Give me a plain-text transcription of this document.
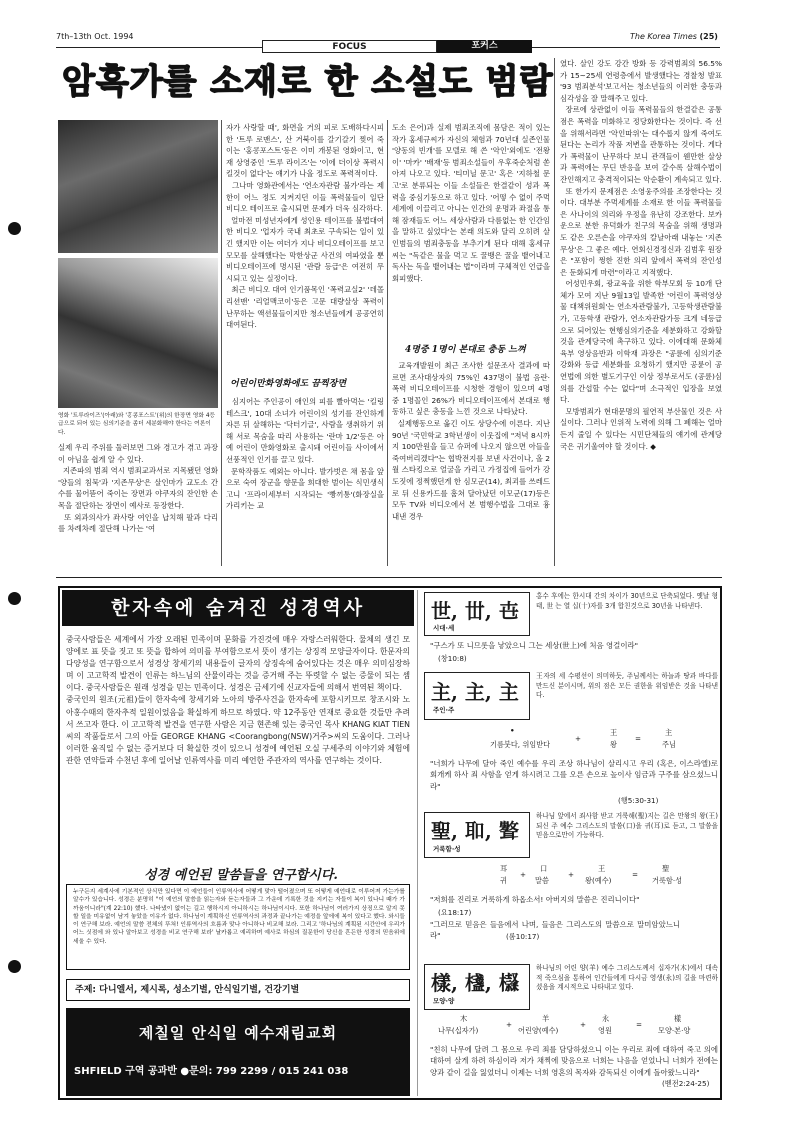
7th–13th Oct. 1994
FOCUS	포커스
The Korea Times (25)
암흑가를 소재로 한 소설도 범람
영화 '트루라이즈'(아래)와 '홍콩포스트'(위)의 한장면 영화 4등급으로 되어 있는 심의기준을 좀더 세분화해야 한다는 여론이다.
실제 우리 주위를 둘러보면 그와 경고가 겪고 과장이 아님을 쉽게 알 수 있다.
지존파의 범죄 역시 범죄교과서로 지목됐던 영화 '양들의 침묵'과 '지존무상'은 살인마가 교도소 간수를 물어뜯어 죽이는 장면과 야쿠자의 잔인한 손목을 절단하는 장면이 예사로 등장한다.
또 외과의사가 좌사랑 여인을 납치해 팔과 다리를 차례차례 절단해 나가는 '여
자가 사랑할 때', 화면을 거의 피로 도배하다시피한 '트루 로맨스', 산 거북이를 갈기갈기 찢어 죽이는 '홍콩포스트'등은 이미 개봉된 영화이고, 현재 상영중인 '트루 라이즈'는 '이에 더이상 폭력시킬것이 없다'는 얘기가 나올 정도로 폭력적이다.
그나마 영화관에서는 '연소자관람 불가'라는 제한이 어느 정도 지켜지던 이들 폭력물들이 일단 비디오 테이프로 출시되면 문제가 더욱 심각하다.
얼마전 미성년자에게 성인용 테이프를 불법대여한 비디오 '업자가 국내 최초로 구속되는 일이 있긴 했지만 이는 여더가 지나 비디오테이프를 보고 모모를 살해했다는 막한상군 사건의 여파였을 뿐 비디오테이프에 명시된 '관람 등급'은 여전히 무시되고 있는 실정이다.
최근 비디오 대여 인기품목인 '폭력교실2' '데몰리션맨' '리얼맥코이'등은 고문 대량살상 폭력이 난무하는 액션물들이지만 청소년들에게 공공연히 대여된다.
어린이만화영화에도 끔찍장면
심지어는 주인공이 애인의 피를 빨아먹는 '킬링테스크', 10대 소녀가 어린이의 성기를 잔인하게 자른 뒤 살해하는 '닥터기글', 사람을 생취하기 위해 서로 목숨을 따리 사용하는 '란마 1/2'등은 아예 어린이 만화영화로 출시돼 어린이들 사이에서 선풍적인 인기를 끌고 있다.
문학작품도 예외는 아니다. 발가벗은 채 몸을 앞으로 숙여 장군을 향문을 희대한 벌이는 식민생식고니 '프라이세부터 시작되는 '빵끼통'(화장실을 가리키는 교
도소 은어)과 실제 범죄조직에 몸담은 적이 있는 작가 홍세규씨가 자신의 체험과 70년대 실존인물 '양동의 빈개'를 모델로 해 쓴 '악인'외에도 '전왕이' '마카' '배재'등 범죄소설들이 우후죽순처럼 쏟아져 나오고 있다. '티미닐 문고' 혹은 '지하철 문고'로 분류되는 이들 소설들은 한결같이 성과 폭력을 중심기둥으로 하고 있다. '어떻 수 없이 주먹세계에 이끌리고 아니는 인간의 운명과 좌절을 통해 잠재들도 어느 세상사람과 다름없는 한 인간임을 말하고 싶었다'는 본래 의도와 달리 오히려 살인범들의 범죄충동을 부추기게 된다 대해 홍세규씨는 "독같은 물을 먹고 도 꿀뱅은 꿀을 뱉어내고 독사는 독을 뱉어내는 법"이라며 구체적인 언급을 회피했다.
4명중 1명이 본대로 충동 느껴
교육개발원이 최근 조사한 설문조사 결과에 따르면 조사대상자의 75%인 437명이 불법 음란·폭력 비디오테이프를 시청한 경험이 있으며 4명중 1명꼴인 26%가 비디오테이프에서 본대로 행동하고 싶은 충동을 느낀 것으로 나타났다.
실제행동으로 옮긴 이도 상당수에 이른다. 지난 90년 '국민학교 3학년생이 이웃집에 "저녁 8시까지 100만원을 들고 슈퍼에 나오지 않으면 아들을 죽여버리겠다"는 협박전지를 보낸 사건이나, 올 2월 스타킹으로 얼굴을 가리고 가정집에 들어가 강도짓에 정쩍했던게 한 심모군(14), 최괴를 쓰레드로 뒤 신용카드를 훔쳐 달아났던 이모군(17)등은 모두 TV와 비디오에서 본 범행수법을 그대로 흉내낸 경우
였다. 살인 강도 강간 방화 등 강력범죄의 56.5%가 15~25세 연령층에서 발생했다는 경찰청 발표 '93 범죄분석'보고서는 청소년들의 이러한 충동과 심각성을 잘 말해주고 있다.
장르에 상관없이 이들 폭력물들의 한결같은 공통점은 폭력을 미화하고 정당화한다는 것이다. 즉 선을 위해서라면 '악인따위'는 대수롭지 않게 죽여도 된다는 논리가 작품 저변을 관통하는 것이다. 게다가 폭력물이 난무하다 보니 관객들이 웬만한 살상과 폭력에는 무딘 반응을 보여 갈수록 살해수법이 잔인해지고 충격적이되는 악순환이 계속되고 있다.
또 한가지 문제점은 소영웅주의를 조장한다는 것이다. 대부분 주먹세계를 소재로 한 이들 폭력물들은 사나이의 의리와 우정을 유난히 강조한다. 보카운으로 분한 유덕화가 친구의 목숨을 위해 생명과도 같은 오른손을 야쿠자의 칼날아래 내놓는 '지존무상'은 그 좋은 예다. 연회신경정신과 김범후 원장은 "포함이 쩡한 진한 의리 앞에서 폭력의 잔인성은 둔화되게 마련"이라고 지적했다.
어성민우회, 광교육을 위한 학부모회 등 10개 단체가 모여 지난 9월13일 발족한 '어린이 폭력영상물 대책위원회'는 연소자관람불가, 고등학생관람불가, 고등학생 관람가, 연소자관람가등 크게 네등급으로 되어있는 현행심의기준을 세분화하고 강화할 것을 관계당국에 촉구하고 있다. 이에대해 문화체육부 영상음반과 이학재 과장은 "공륜에 심의기준 강화와 등급 세분화를 요청하기 했지만 공륜이 공연법에 의한 별도기구인 이상 정부로서도 (공륜)심의를 간섭할 수는 없다"며 소극적인 입장을 보였다.
모방범죄가 현대문명의 필연적 부산물인 것은 사실이다. 그러나 인위적 노력에 의해 그 폐해는 얼마든지 줄일 수 있다는 시민단체들의 얘기에 관계당국은 귀기울여야 할 것이다. ◆
한자속에 숨겨진 성경역사
중국사람들은 세계에서 가장 오래된 민족이며 문화를 가진것에 매우 자랑스러워한다. 물체의 생긴 모양에로 표 뜻을 짓고 또 뜻을 합하여 의미를 부여함으로서 뜻이 생기는 상징적 모양글자이다. 한문자의 다양성을 연구함으로서 성경상 창세기의 내용들이 글자의 상징속에 숨어있다는 것은 매우 의미심장하며 이 고고학적 발견이 인류는 하느님의 산물이라는 것을 증거해 주는 뚜렷할 수 없는 증물이 되는 셈이다. 중국사람들은 원래 성경을 믿는 민족이다. 성경은 금세기에 신교자들에 의해서 번역된 책이다.
중국인의 원조(元祖)들이 한자속에 창세기와 노아의 방주사건을 한자속에 포함시키므로 창조시와 노아홍수때의 한자추적 일원이었음을 확실하게 하므로 하였다. 약 12주동안 연재로 중요한 것들만 추려서 쓰고자 한다. 이 고고학적 발견을 연구한 사람은 지금 현존해 있는 중국인 목사 KHANG KIAT TIEN 씨의 작품들로서 그의 아들 GEORGE KHANG <Coorangbong(NSW)거주>씨의 도움이다. 그러나 이러한 움직일 수 없는 증거보다 더 확실한 것이 있으니 성경에 예언된 오실 구세주의 이야기와 체험에 관한 연약들과 수천년 후에 일어날 인류역사를 미리 예언한 주관자의 역사를 연구하는 것이다.
성경 예언된 말씀들을 연구합시다.
누구든지 세계사에 기본적인 상식만 있다면 이 예언들이 인류역사에 어떻게 맞아 떨어졌으며 또 어떻게 예언대로 이루어져 가는가를 알수가 있습니다. 성경은 분명히 "이 예언의 말씀을 읽는자와 듣는자들과 그 가운데 기록한 것을 지키는 자들이 복이 있나니 때가 가까움이니라"(계 22:10) 했다. 나타냈이 없이는 길고 행하시지 아니하시는 하나님이시다. 또한 하나님이 여러가지 상징으로 알지 못할 일을 미유없이 남겨 놓았을 이유가 없다. 하나님이 계획하신 인류역사의 과정과 끝나가는 예정을 앞에에 복이 있다고 했다. 와시들이 연구해 보라. 예언의 말씀 전체의 뚜쳐! 인류역사의 흐름과 맞나 아니하나 비교해 보라. 그리고 '하나님의 계획된 시간안에 우리가 어느 싯점에 와 있나 알아보고 성경을 비교 연구해 보라' 날카롭고 예리하며 예사로 하심의 질문한이 당신을 흔든한 성경의 믿음위에 세울 수 있다.
주제: 다니엘서, 제시록, 성소기별, 안식일기별, 건강기별
제칠일 안식일 예수재림교회
SHFIELD 구역 공과반 ●문의: 799 2299 / 015 241 038
世, 丗, 㔺
시대·세
홍수 후에는 한시대 간의 차이가 30년으로 단축되었다. 옛날 형태, 世 는 열 십(十)자를 3개 합친것으로 30년을 나타낸다.
"구스가 또 니므롯을 낳았으니 그는 세상(世上)에 처음 영걸이라"
(창10:8)
主, 主, 主
주인·주
王자의 세 수평선이 의미하듯, 주님께서는 하늘과 땅과 바다를 만드신 분이시며, 위의 점은 모든 권한을 위임받은 것을 나타낸다.
•
기름붓다, 위임받다
+
王
왕
=
主
주님
"너희가 나무에 달아 죽인 예수를 우리 조상 하나님이 살리시고 우리 (혹은, 이스라엘)로 회개케 하사 죄 사함을 얻게 하시려고 그를 오른 손으로 높이사 임금과 구주를 삼으셨느니라"
(행5:30-31)
聖, 𦔻, 𦗷
거룩함·성
하나님 앞에서 죄사함 받고 거룩해(聖)지는 길은 만왕의 왕(王)되신 주 예수 그리스도의 말씀(口)을 귀(耳)로 듣고, 그 말씀을 믿음으로만이 가능하다.
耳
귀
+
口
말씀
+
王
왕(예수)
=
聖
거룩함·성
"저희를 진리로 거룩하게 하옵소서! 아버지의 말씀은 진리니이다"
(요18:17)
"그러므로 믿음은 들음에서 나며, 들음은 그리스도의 말씀으로 말미암았느니라"	(롬10:17)
樣, 𣛷, 𣟍
모양·양
하나님의 어린 양(羊) 예수 그리스도께서 십자가(木)에서 대속적 죽으심을 통하여 인간들에게 다시금 영생(永)의 길을 마련하셨음을 계시적으로 나타내고 있다.
木
나무(십자가)
+
羊
어린양(예수)
+
永
영원
=
樣
모양·본·양
"친히 나무에 달려 그 몸으로 우리 죄를 담당하셨으니 이는 우리로 죄에 대하여 죽고 의에 대하여 살게 하려 하심이라 저가 채찍에 맞음으로 너희는 나음을 얻었나니 너희가 전에는 양과 같이 길을 잃었더니 이제는 너희 영혼의 목자와 감독되신 이에게 돌아왔느니라"
(벧전2:24-25)
